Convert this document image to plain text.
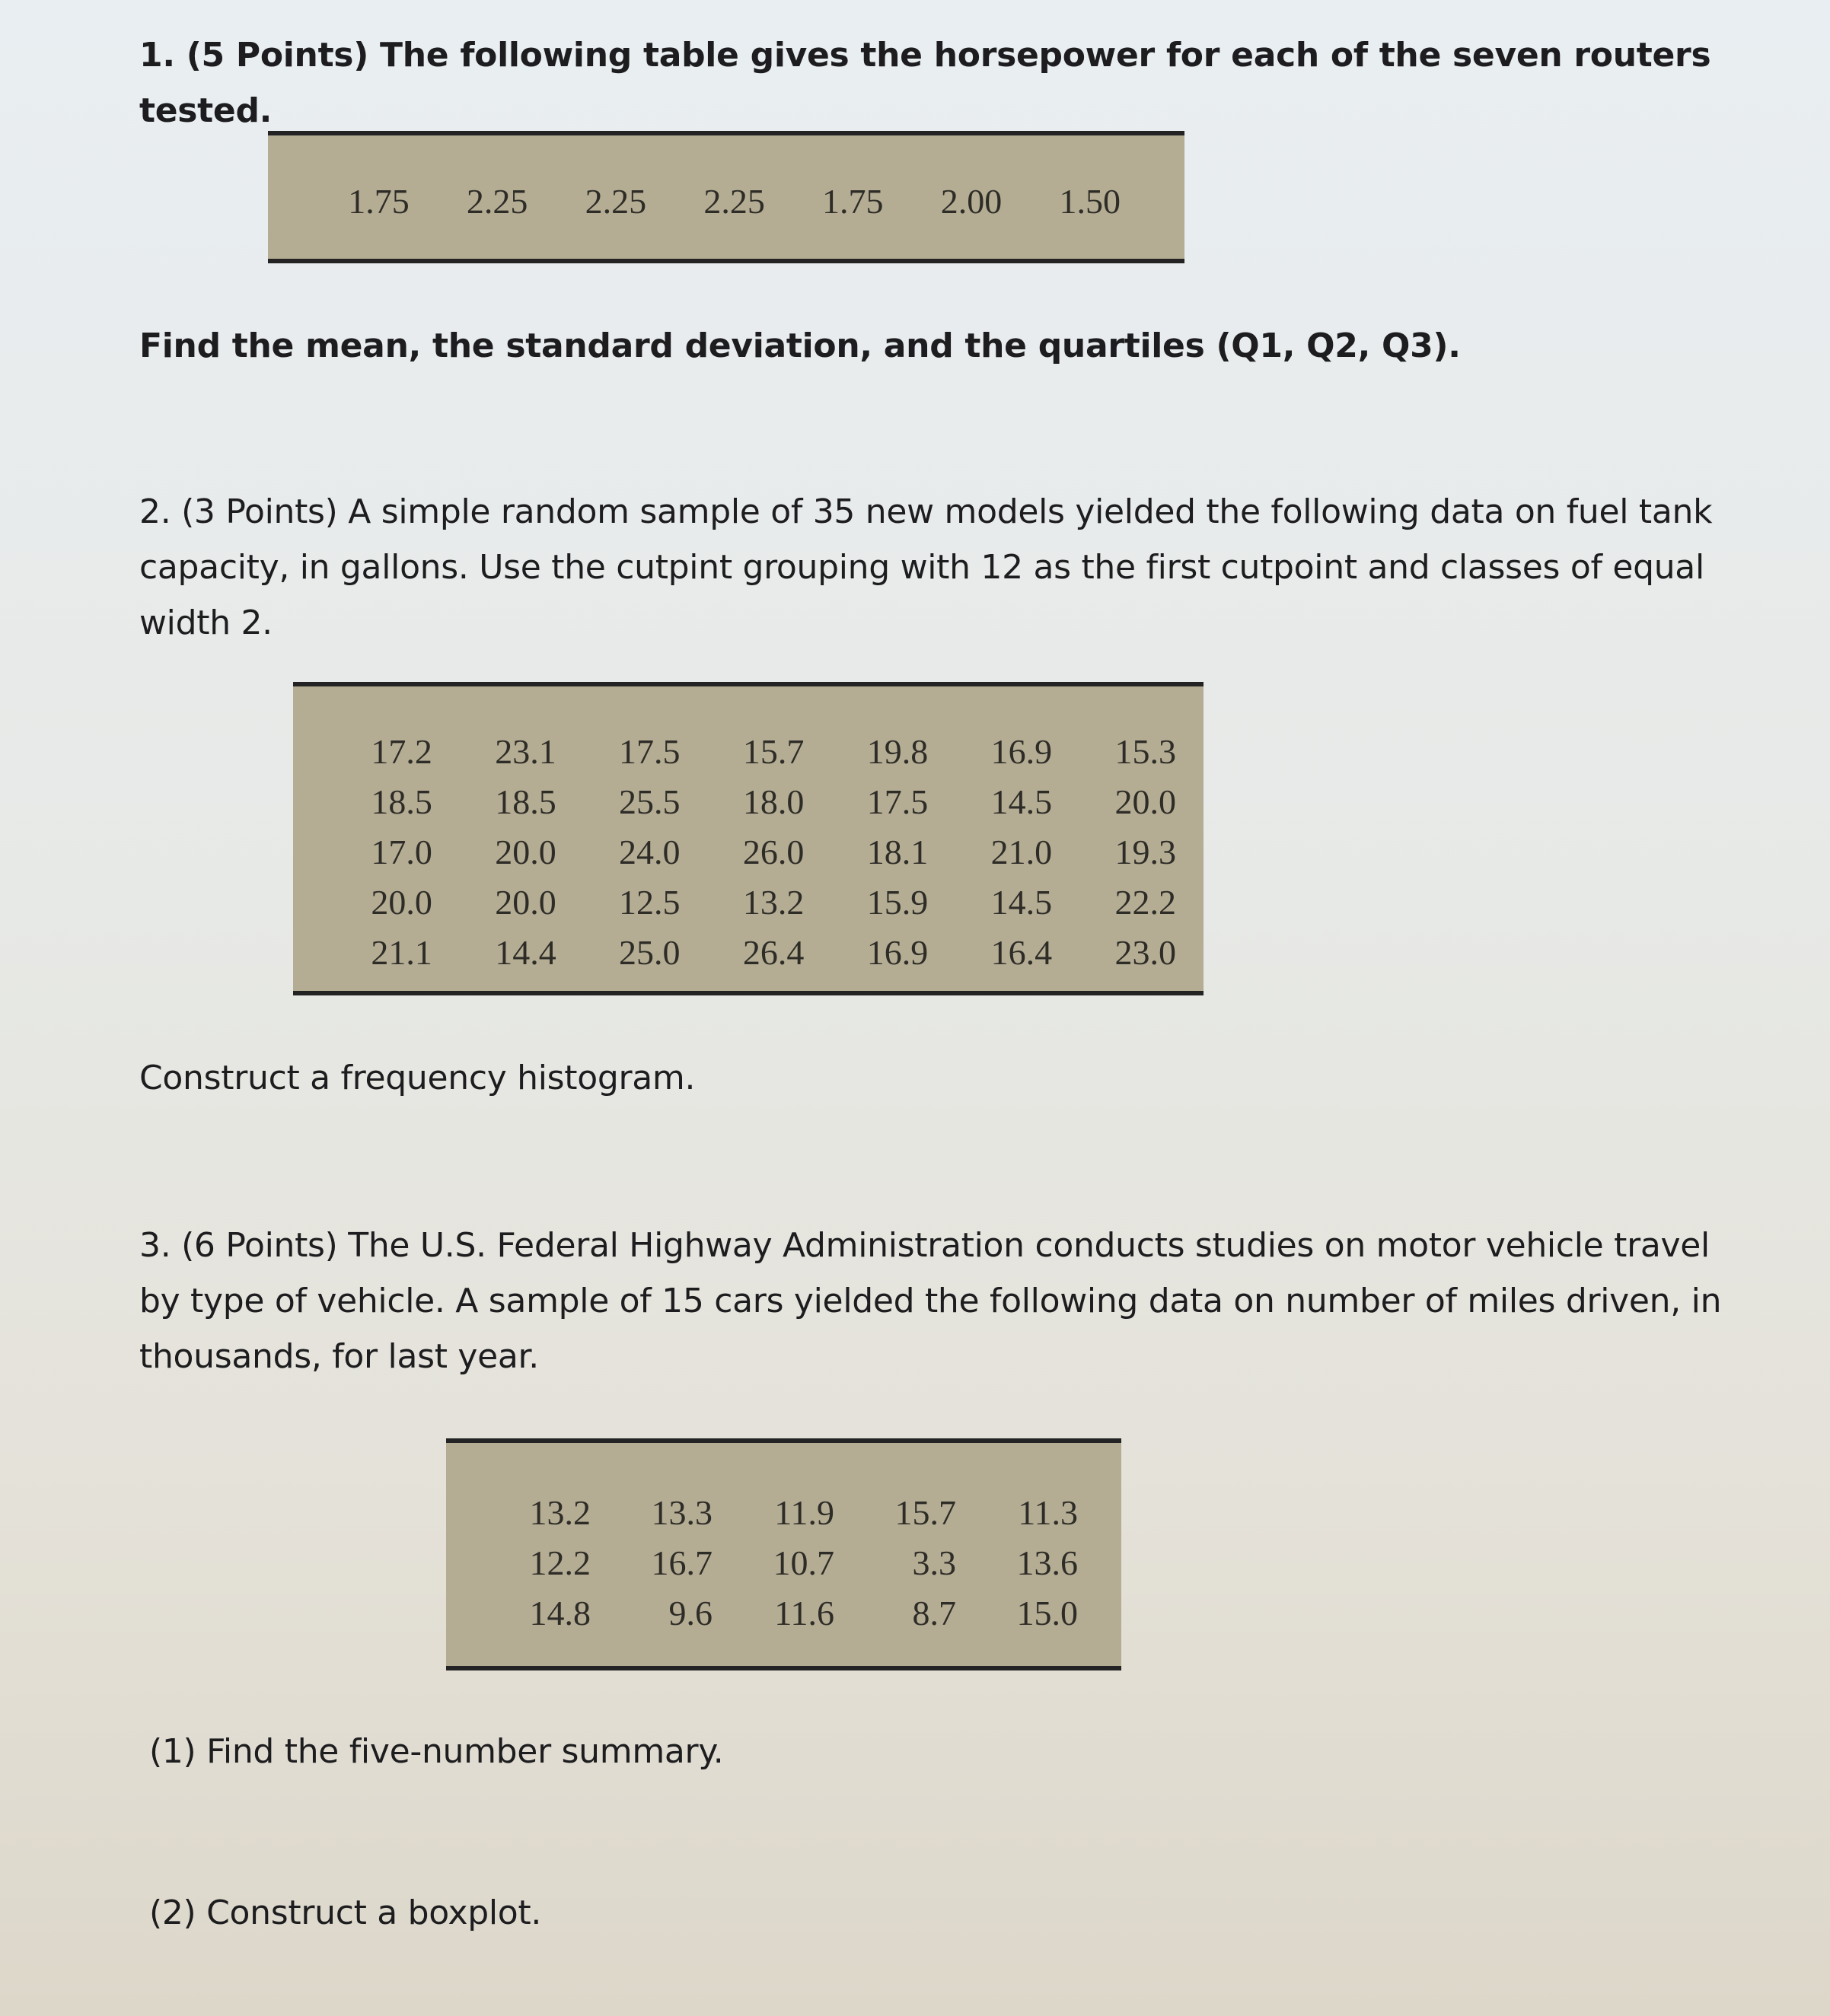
1. (5 Points) The following table gives the horsepower for each of the seven routers tested.
1.75	2.25	2.25	2.25	1.75	2.00	1.50
Find the mean, the standard deviation, and the quartiles (Q1, Q2, Q3).
2. (3 Points) A simple random sample of 35 new models yielded the following data on fuel tank
capacity, in gallons. Use the cutpint grouping with 12 as the first cutpoint and classes of equal
width 2.
17.2	23.1	17.5	15.7	19.8	16.9	15.3
18.5	18.5	25.5	18.0	17.5	14.5	20.0
17.0	20.0	24.0	26.0	18.1	21.0	19.3
20.0	20.0	12.5	13.2	15.9	14.5	22.2
21.1	14.4	25.0	26.4	16.9	16.4	23.0
Construct a frequency histogram.
3. (6 Points) The U.S. Federal Highway Administration conducts studies on motor vehicle travel
by type of vehicle. A sample of 15 cars yielded the following data on number of miles driven, in
thousands, for last year.
13.2	13.3	11.9	15.7	11.3
12.2	16.7	10.7	3.3	13.6
14.8	9.6	11.6	8.7	15.0
(1) Find the five-number summary.
(2) Construct a boxplot.
